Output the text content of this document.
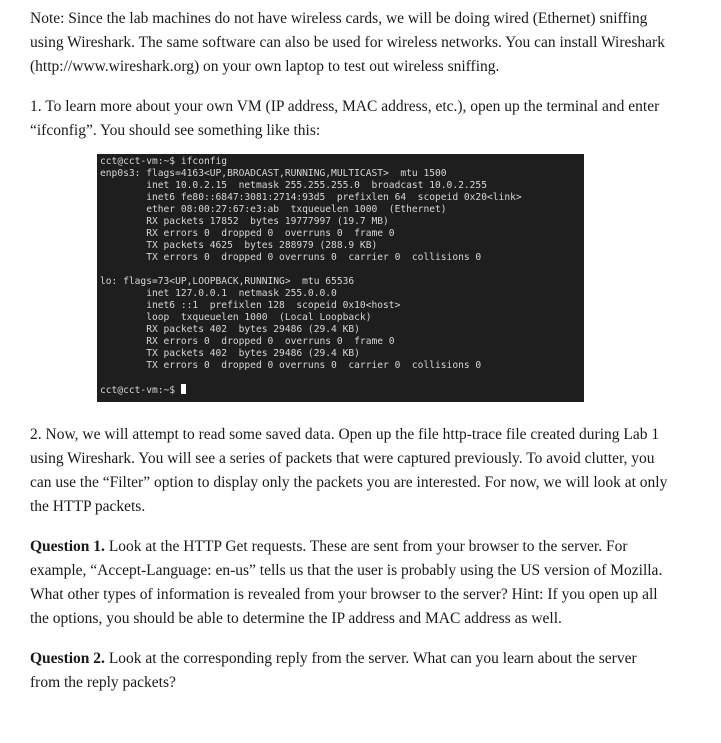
Note: Since the lab machines do not have wireless cards, we will be doing wired (Ethernet) sniffing using Wireshark. The same software can also be used for wireless networks. You can install Wireshark (http://www.wireshark.org) on your own laptop to test out wireless sniffing.

1. To learn more about your own VM (IP address, MAC address, etc.), open up the terminal and enter “ifconfig”. You should see something like this:

cct@cct-vm:~$ ifconfig
enp0s3: flags=4163<UP,BROADCAST,RUNNING,MULTICAST>  mtu 1500
inet 10.0.2.15  netmask 255.255.255.0  broadcast 10.0.2.255
inet6 fe80::6847:3081:2714:93d5  prefixlen 64  scopeid 0x20<link>
ether 08:00:27:67:e3:ab  txqueuelen 1000  (Ethernet)
RX packets 17852  bytes 19777997 (19.7 MB)
RX errors 0  dropped 0  overruns 0  frame 0
TX packets 4625  bytes 288979 (288.9 KB)
TX errors 0  dropped 0 overruns 0  carrier 0  collisions 0
lo: flags=73<UP,LOOPBACK,RUNNING>  mtu 65536
inet 127.0.0.1  netmask 255.0.0.0
inet6 ::1  prefixlen 128  scopeid 0x10<host>
loop  txqueuelen 1000  (Local Loopback)
RX packets 402  bytes 29486 (29.4 KB)
RX errors 0  dropped 0  overruns 0  frame 0
TX packets 402  bytes 29486 (29.4 KB)
TX errors 0  dropped 0 overruns 0  carrier 0  collisions 0
cct@cct-vm:~$

2. Now, we will attempt to read some saved data. Open up the file http-trace file created during Lab 1 using Wireshark. You will see a series of packets that were captured previously. To avoid clutter, you can use the “Filter” option to display only the packets you are interested. For now, we will look at only the HTTP packets.

Question 1. Look at the HTTP Get requests. These are sent from your browser to the server. For example, “Accept-Language: en-us” tells us that the user is probably using the US version of Mozilla. What other types of information is revealed from your browser to the server? Hint: If you open up all the options, you should be able to determine the IP address and MAC address as well.

Question 2. Look at the corresponding reply from the server. What can you learn about the server from the reply packets?
